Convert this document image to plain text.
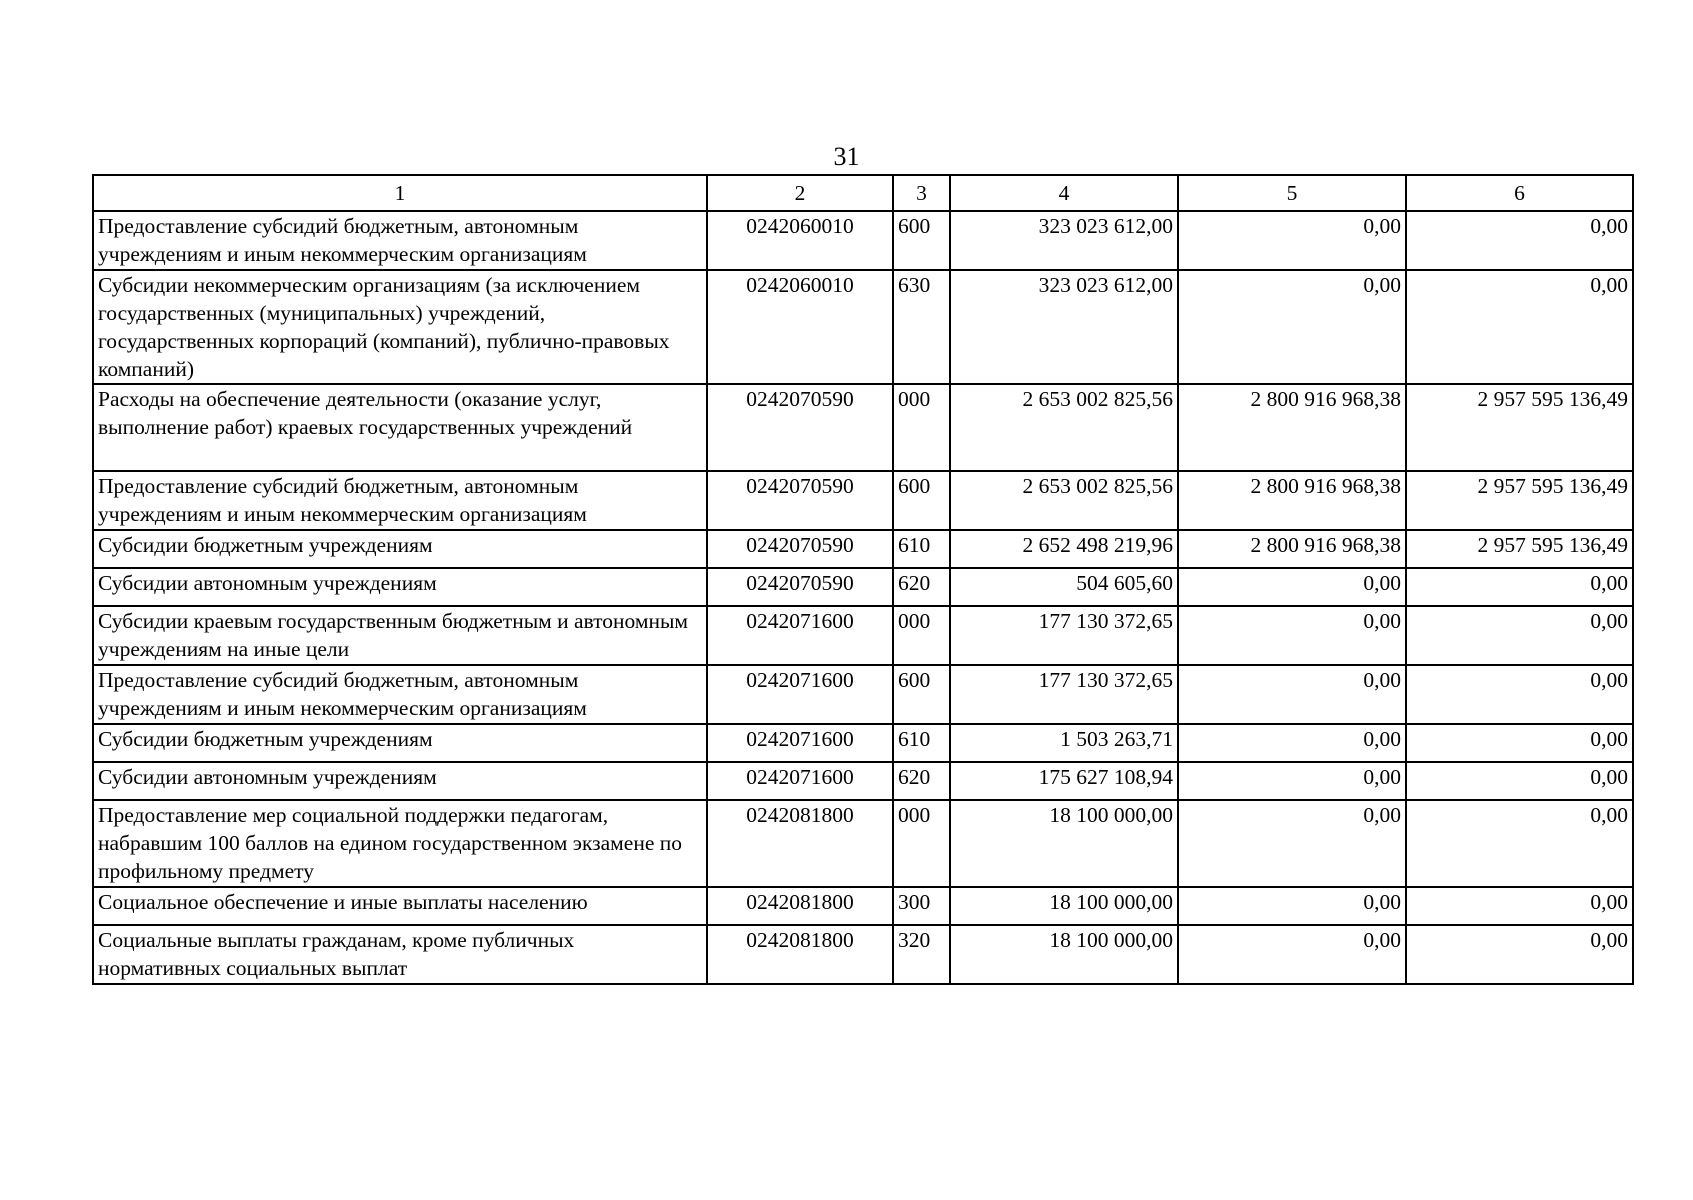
31
1	2	3	4	5	6
Предоставление субсидий бюджетным, автономным учреждениям и иным некоммерческим организациям	0242060010	600	323 023 612,00	0,00	0,00
Субсидии некоммерческим организациям (за исключением государственных (муниципальных) учреждений, государственных корпораций (компаний), публично-правовых компаний)	0242060010	630	323 023 612,00	0,00	0,00
Расходы на обеспечение деятельности (оказание услуг, выполнение работ) краевых государственных учреждений	0242070590	000	2 653 002 825,56	2 800 916 968,38	2 957 595 136,49
Предоставление субсидий бюджетным, автономным учреждениям и иным некоммерческим организациям	0242070590	600	2 653 002 825,56	2 800 916 968,38	2 957 595 136,49
Субсидии бюджетным учреждениям	0242070590	610	2 652 498 219,96	2 800 916 968,38	2 957 595 136,49
Субсидии автономным учреждениям	0242070590	620	504 605,60	0,00	0,00
Субсидии краевым государственным бюджетным и автономным учреждениям на иные цели	0242071600	000	177 130 372,65	0,00	0,00
Предоставление субсидий бюджетным, автономным учреждениям и иным некоммерческим организациям	0242071600	600	177 130 372,65	0,00	0,00
Субсидии бюджетным учреждениям	0242071600	610	1 503 263,71	0,00	0,00
Субсидии автономным учреждениям	0242071600	620	175 627 108,94	0,00	0,00
Предоставление мер социальной поддержки педагогам, набравшим 100 баллов на едином государственном экзамене по профильному предмету	0242081800	000	18 100 000,00	0,00	0,00
Социальное обеспечение и иные выплаты населению	0242081800	300	18 100 000,00	0,00	0,00
Социальные выплаты гражданам, кроме публичных нормативных социальных выплат	0242081800	320	18 100 000,00	0,00	0,00
